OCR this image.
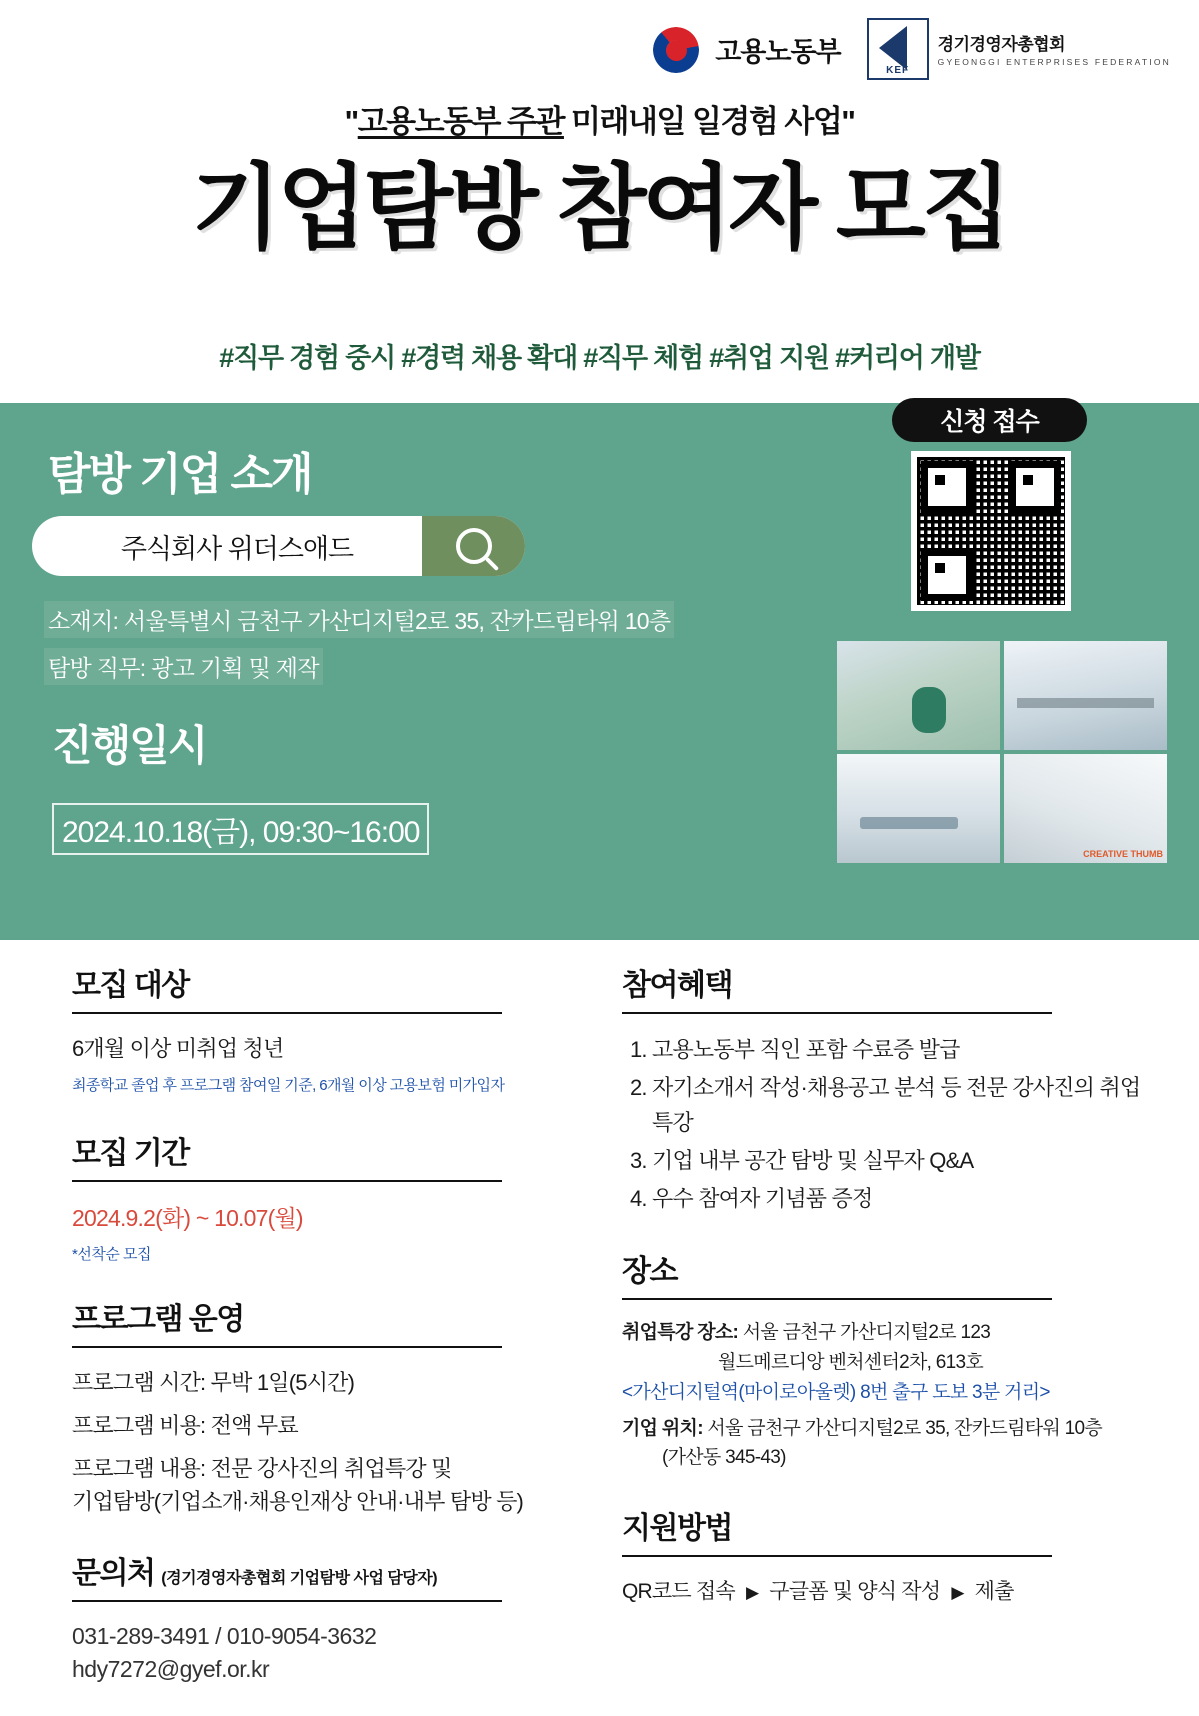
고용노동부
KEF
경기경영자총협회
GYEONGGI ENTERPRISES FEDERATION
"고용노동부 주관 미래내일 일경험 사업"
기업탐방 참여자 모집
#직무 경험 중시 #경력 채용 확대 #직무 체험 #취업 지원 #커리어 개발
탐방 기업 소개
주식회사 위더스애드
소재지: 서울특별시 금천구 가산디지털2로 35, 잔카드림타워 10층
탐방 직무: 광고 기획 및 제작
진행일시
2024.10.18(금), 09:30~16:00
신청 접수
CREATIVE THUMB
모집 대상
6개월 이상 미취업 청년
최종학교 졸업 후 프로그램 참여일 기준, 6개월 이상 고용보험 미가입자
모집 기간
2024.9.2(화) ~ 10.07(월)
*선착순 모집
프로그램 운영
프로그램 시간: 무박 1일(5시간)
프로그램 비용: 전액 무료
프로그램 내용: 전문 강사진의 취업특강 및
기업탐방(기업소개·채용인재상 안내·내부 탐방 등)
문의처 (경기경영자총협회 기업탐방 사업 담당자)
031-289-3491 / 010-9054-3632
hdy7272@gyef.or.kr
참여혜택
1. 고용노동부 직인 포함 수료증 발급
2. 자기소개서 작성·채용공고 분석 등 전문 강사진의 취업특강
3. 기업 내부 공간 탐방 및 실무자 Q&A
4. 우수 참여자 기념품 증정
장소
취업특강 장소: 서울 금천구 가산디지털2로 123
월드메르디앙 벤처센터2차, 613호
<가산디지털역(마이로아울렛) 8번 출구 도보 3분 거리>
기업 위치: 서울 금천구 가산디지털2로 35, 잔카드림타워 10층
(가산동 345-43)
지원방법
QR코드 접속 ▶ 구글폼 및 양식 작성 ▶ 제출
